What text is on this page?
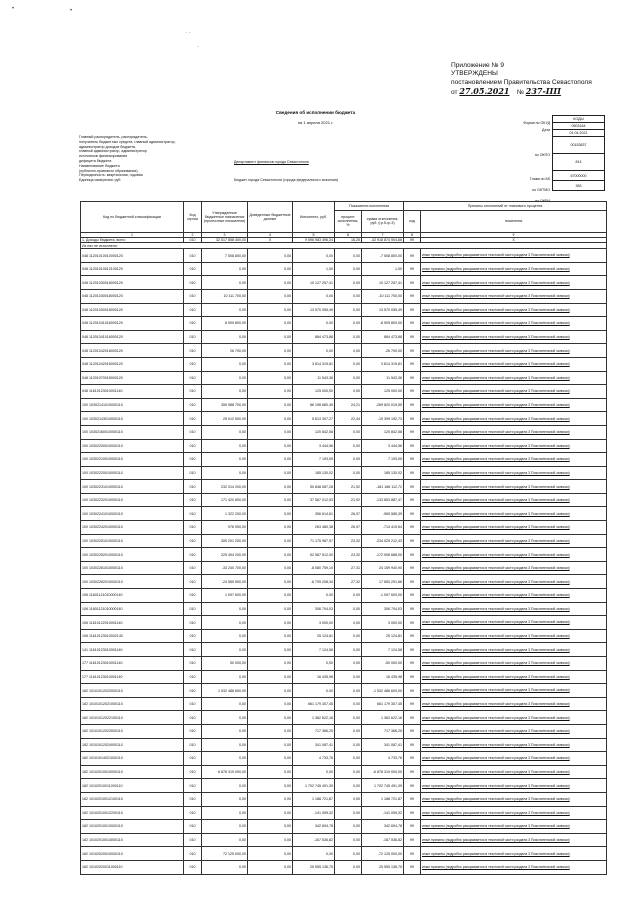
•	•
· ·
·
Приложение № 9
УТВЕРЖДЕНЫ
постановлением Правительства Севастополя
от 27.05.2021 № 237-ПП
Сведения об исполнении бюджета
на 1 апреля 2021 г.	Форма по ОКУД
Дата
по ОКПО
Глава по БК
по ОКТМО
по ОКЕИ
КОДЫ
0503164
01.04.2021
00153837
814
67000000
383
Главный распорядитель, распорядитель,
получатель бюджетных средств, главный администратор,
администратор доходов бюджета,
главный администратор, администратор
источников финансирования
дефицита бюджета
Наименование бюджета
(публично-правового образования)
Периодичность: квартальная, годовая
Единица измерения: руб
Департамент финансов города Севастополя
Бюджет города Севастополя (города федерального значения)
Код по бюджетной классификации	Код строки	Утвержденные бюджетные назначения (прогнозные показатели)	Доведенные бюджетные данные	Исполнено, руб.	Показатели исполнения		Причины отклонений от планового процента	
					процент исполнения, %	сумма отклонения, руб. (гр.5-гр.3)	код	пояснения
1	2	3	4	5	6	7	8	9
1. Доходы бюджета, всего	010	32 517 858 400,00	X	9 596 983 496,34	18,25	-42 918 874 904,66	99	X
Из них не исполнено:								
048 11201010010000120	010	7 508 800,00	0,00	0,00	0,00	-7 508 800,00	99	иные причины (подробно раскрывается в текстовой части раздела 3 Пояснительной записки)
048 11201010012100120	010	0,00	0,00	1,00	0,00	1,00	99	иные причины (подробно раскрывается в текстовой части раздела 3 Пояснительной записки)
048 11201030016000120	010	0,00	0,00	10 127 257,41	0,00	10 127 257,41	99	иные причины (подробно раскрывается в текстовой части раздела 3 Пояснительной записки)
048 11201030016000120	010	10 111 700,00	0,00	0,00	0,00	-10 111 700,00	99	иные причины (подробно раскрывается в текстовой части раздела 3 Пояснительной записки)
048 11201030016000120	010	0,00	0,00	13 570 055,49	0,00	13 570 055,49	99	иные причины (подробно раскрывается в текстовой части раздела 3 Пояснительной записки)
048 11201041016000120	010	8 909 800,00	0,00	0,00	0,00	-8 909 800,00	99	иные причины (подробно раскрывается в текстовой части раздела 3 Пояснительной записки)
048 11201041016000120	010	0,00	0,00	884 473,88	0,00	884 473,88	99	иные причины (подробно раскрывается в текстовой части раздела 3 Пояснительной записки)
048 11201042016000120	010	26 700,00	0,00	0,00	0,00	-26 700,00	99	иные причины (подробно раскрывается в текстовой части раздела 3 Пояснительной записки)
048 11201042016000120	010	0,00	0,00	3 814 319,81	0,00	3 814 319,81	99	иные причины (подробно раскрывается в текстовой части раздела 3 Пояснительной записки)
048 11201070016000120	010	0,00	0,00	11 543,36	0,00	11 543,36	99	иные причины (подробно раскрывается в текстовой части раздела 3 Пояснительной записки)
048 11610123010001140	010	0,00	0,00	125 000,00	0,00	125 000,00	99	иные причины (подробно раскрывается в текстовой части раздела 3 Пояснительной записки)
100 10302141010000110	010	355 988 700,00	0,00	86 198 680,45	24,21	-269 820 019,55	99	иные причины (подробно раскрывается в текстовой части раздела 3 Пояснительной записки)
100 10302143010000110	010	25 012 500,00	0,00	5 613 307,27	22,44	-19 399 192,73	99	иные причины (подробно раскрывается в текстовой части раздела 3 Пояснительной записки)
100 10302160010000110	010	0,00	0,00	120 842,58	0,00	120 842,58	99	иные причины (подробно раскрывается в текстовой части раздела 3 Пояснительной записки)
100 10302200010000110	010	0,00	0,00	3 444,56	0,00	3 444,56	99	иные причины (подробно раскрывается в текстовой части раздела 3 Пояснительной записки)
100 10302210010000110	010	0,00	0,00	7 193,05	0,00	7 193,05	99	иные причины (подробно раскрывается в текстовой части раздела 3 Пояснительной записки)
100 10302220010000110	010	0,00	0,00	185 130,02	0,00	185 130,02	99	иные причины (подробно раскрывается в текстовой части раздела 3 Пояснительной записки)
100 10302231010000110	010	232 014 200,00	0,00	50 848 087,28	21,92	-181 166 112,72	99	иные причины (подробно раскрывается в текстовой части раздела 3 Пояснительной записки)
100 10302232010000110	010	171 420 800,00	0,00	37 567 012,53	21,92	-133 853 887,47	99	иные причины (подробно раскрывается в текстовой части раздела 3 Пояснительной записки)
100 10302241010000110	010	1 322 200,00	0,00	356 614,61	26,97	-965 585,39	99	иные причины (подробно раскрывается в текстовой части раздела 3 Пояснительной записки)
100 10302242010000110	010	976 900,00	0,00	263 480,38	26,97	-713 419,64	99	иные причины (подробно раскрывается в текстовой части раздела 3 Пояснительной записки)
100 10302251010000110	010	305 201 200,00	0,00	71 175 987,57	23,32	-234 025 212,43	99	иные причины (подробно раскрывается в текстовой части раздела 3 Пояснительной записки)
100 10302252010000110	010	225 494 200,00	0,00	52 587 512,00	23,32	-172 906 688,00	99	иные причины (подробно раскрывается в текстовой части раздела 3 Пояснительной записки)
100 10302261010000110	010	-33 240 700,00	0,00	-8 080 759,10	27,31	24 159 940,90	99	иные причины (подробно раскрывается в текстовой части раздела 3 Пояснительной записки)
100 10302262010000110	010	-24 559 500,00	0,00	-6 709 208,34	27,32	17 850 291,66	99	иные причины (подробно раскрывается в текстовой части раздела 3 Пояснительной записки)
106 11601121010000140	010	1 097 600,00	0,00	0,00	0,00	-1 097 600,00	99	иные причины (подробно раскрывается в текстовой части раздела 3 Пояснительной записки)
106 11601121010000140	010	0,00	0,00	306 704,03	0,00	306 704,03	99	иные причины (подробно раскрывается в текстовой части раздела 3 Пояснительной записки)
106 11610122010001140	010	0,00	0,00	3 000,00	0,00	3 000,00	99	иные причины (подробно раскрывается в текстовой части раздела 3 Пояснительной записки)
106 11610123010002140	010	0,00	0,00	25 124,81	0,00	25 124,81	99	иные причины (подробно раскрывается в текстовой части раздела 3 Пояснительной записки)
141 11610123010001140	010	0,00	0,00	7 124,58	0,00	7 124,58	99	иные причины (подробно раскрывается в текстовой части раздела 3 Пояснительной записки)
177 11610123010001140	010	50 000,00	0,00	0,00	0,00	-50 000,00	99	иные причины (подробно раскрывается в текстовой части раздела 3 Пояснительной записки)
177 11610123010001140	010	0,00	0,00	16 435,98	0,00	16 435,98	99	иные причины (подробно раскрывается в текстовой части раздела 3 Пояснительной записки)
182 10101012020000110	010	1 532 486 600,00	0,00	0,00	0,00	-1 532 486 600,00	99	иные причины (подробно раскрывается в текстовой части раздела 3 Пояснительной записки)
182 10101012021000110	010	0,00	0,00	661 179 307,45	0,00	661 179 307,45	99	иные причины (подробно раскрывается в текстовой части раздела 3 Пояснительной записки)
182 10101012022100110	010	0,00	0,00	1 362 622,16	0,00	1 362 622,16	99	иные причины (подробно раскрывается в текстовой части раздела 3 Пояснительной записки)
182 10101012023000110	010	0,00	0,00	717 366,25	0,00	717 366,25	99	иные причины (подробно раскрывается в текстовой части раздела 3 Пояснительной записки)
182 10101012024000110	010	0,00	0,00	341 087,41	0,00	341 087,41	99	иные причины (подробно раскрывается в текстовой части раздела 3 Пояснительной записки)
182 10101014021000110	010	0,00	0,00	4 733,76	0,00	4 733,76	99	иные причины (подробно раскрывается в текстовой части раздела 3 Пояснительной записки)
182 10102010010000110	010	6 878 319 000,00	0,00	0,00	0,00	-6 878 319 000,00	99	иные причины (подробно раскрывается в текстовой части раздела 3 Пояснительной записки)
182 10102010011000110	010	0,00	0,00	1 702 745 491,39	0,00	1 702 745 491,39	99	иные причины (подробно раскрывается в текстовой части раздела 3 Пояснительной записки)
182 10102010012100110	010	0,00	0,00	1 188 721,87	0,00	1 188 721,87	99	иные причины (подробно раскрывается в текстовой части раздела 3 Пояснительной записки)
182 10102010012200110	010	0,00	0,00	-141 059,32	0,00	-141 059,32	99	иные причины (подробно раскрывается в текстовой части раздела 3 Пояснительной записки)
182 10102010013000110	010	0,00	0,00	342 694,78	0,00	342 694,78	99	иные причины (подробно раскрывается в текстовой части раздела 3 Пояснительной записки)
182 10102010014000110	010	0,00	0,00	-167 536,82	0,00	-167 536,82	99	иные причины (подробно раскрывается в текстовой части раздела 3 Пояснительной записки)
182 10102020010000110	010	72 125 000,00	0,00	0,00	0,00	-72 125 000,00	99	иные причины (подробно раскрывается в текстовой части раздела 3 Пояснительной записки)
182 10102020011000110	010	0,00	0,00	25 555 136,75	0,00	25 555 136,75	99	иные причины (подробно раскрывается в текстовой части раздела 3 Пояснительной записки)
